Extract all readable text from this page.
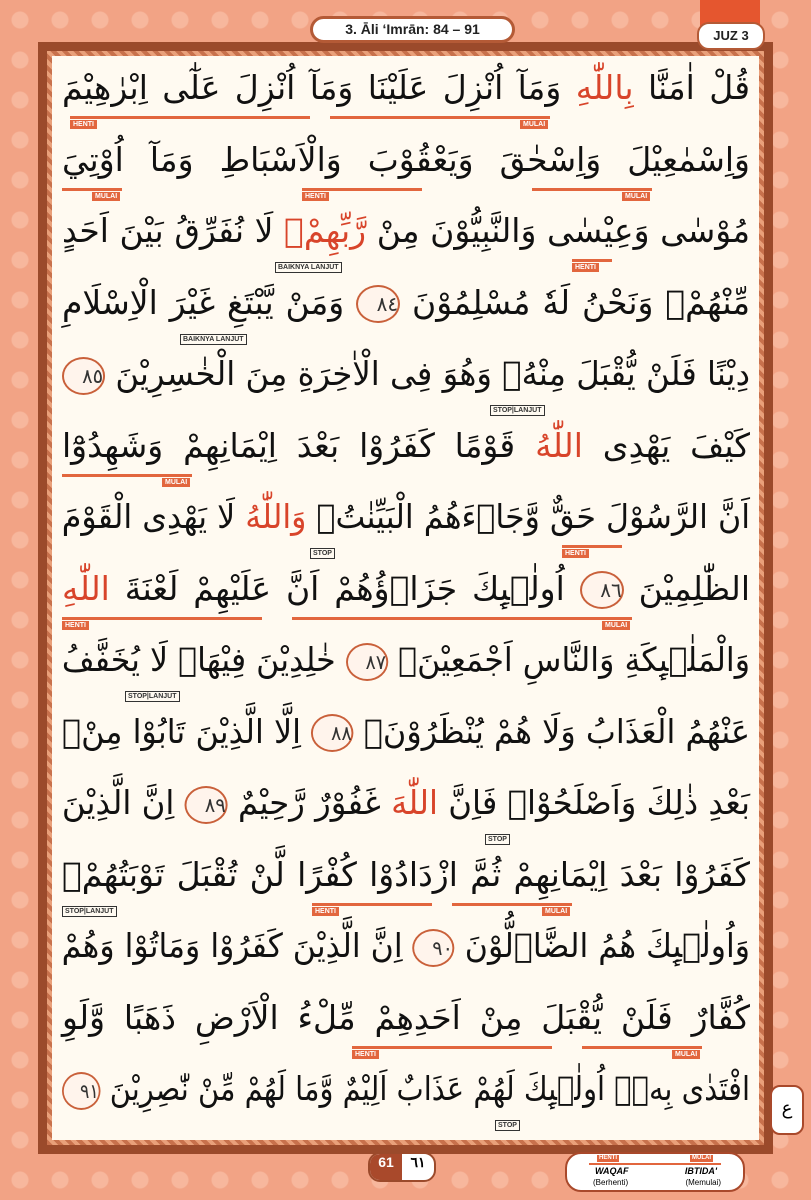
3. Āli ‘Imrān: 84 – 91	JUZ 3
قُلْ اٰمَنَّا بِاللّٰهِ وَمَآ اُنْزِلَ عَلَيْنَا وَمَآ اُنْزِلَ عَلٰٓى اِبْرٰهِيْمَ
HENTI	MULAI
وَاِسْمٰعِيْلَ وَاِسْحٰقَ وَيَعْقُوْبَ وَالْاَسْبَاطِ وَمَآ اُوْتِيَ
MULAI	HENTI	MULAI
مُوْسٰى وَعِيْسٰى وَالنَّبِيُّوْنَ مِنْ رَّبِّهِمْۖ لَا نُفَرِّقُ بَيْنَ اَحَدٍ
BAIKNYA LANJUT	HENTI
مِّنْهُمْۖ وَنَحْنُ لَهٗ مُسْلِمُوْنَ ٨٤ وَمَنْ يَّبْتَغِ غَيْرَ الْاِسْلَامِ
BAIKNYA LANJUT
دِيْنًا فَلَنْ يُّقْبَلَ مِنْهُۚ وَهُوَ فِى الْاٰخِرَةِ مِنَ الْخٰسِرِيْنَ ٨٥
STOP|LANJUT
كَيْفَ يَهْدِى اللّٰهُ قَوْمًا كَفَرُوْا بَعْدَ اِيْمَانِهِمْ وَشَهِدُوْٓا
MULAI
اَنَّ الرَّسُوْلَ حَقٌّ وَّجَاۤءَهُمُ الْبَيِّنٰتُۗ وَاللّٰهُ لَا يَهْدِى الْقَوْمَ
STOP	HENTI
الظّٰلِمِيْنَ ٨٦ اُولٰۤىِٕكَ جَزَاۤؤُهُمْ اَنَّ عَلَيْهِمْ لَعْنَةَ اللّٰهِ
HENTI	MULAI
وَالْمَلٰۤىِٕكَةِ وَالنَّاسِ اَجْمَعِيْنَۙ ٨٧ خٰلِدِيْنَ فِيْهَاۚ لَا يُخَفَّفُ
STOP|LANJUT
عَنْهُمُ الْعَذَابُ وَلَا هُمْ يُنْظَرُوْنَۙ ٨٨ اِلَّا الَّذِيْنَ تَابُوْا مِنْۢ
بَعْدِ ذٰلِكَ وَاَصْلَحُوْاۗ فَاِنَّ اللّٰهَ غَفُوْرٌ رَّحِيْمٌ ٨٩ اِنَّ الَّذِيْنَ
STOP
كَفَرُوْا بَعْدَ اِيْمَانِهِمْ ثُمَّ ازْدَادُوْا كُفْرًا لَّنْ تُقْبَلَ تَوْبَتُهُمْۚ
STOP|LANJUT	HENTI	MULAI
وَاُولٰۤىِٕكَ هُمُ الضَّاۤلُّوْنَ ٩٠ اِنَّ الَّذِيْنَ كَفَرُوْا وَمَاتُوْا وَهُمْ
كُفَّارٌ فَلَنْ يُّقْبَلَ مِنْ اَحَدِهِمْ مِّلْءُ الْاَرْضِ ذَهَبًا وَّلَوِ
HENTI	MULAI
افْتَدٰى بِهٖۗ اُولٰۤىِٕكَ لَهُمْ عَذَابٌ اَلِيْمٌ وَّمَا لَهُمْ مِّنْ نّٰصِرِيْنَ ٩١
STOP
61	٦١	HENTI	MULAI
WAQAF
(Berhenti)
IBTIDA'
(Memulai)
ع
